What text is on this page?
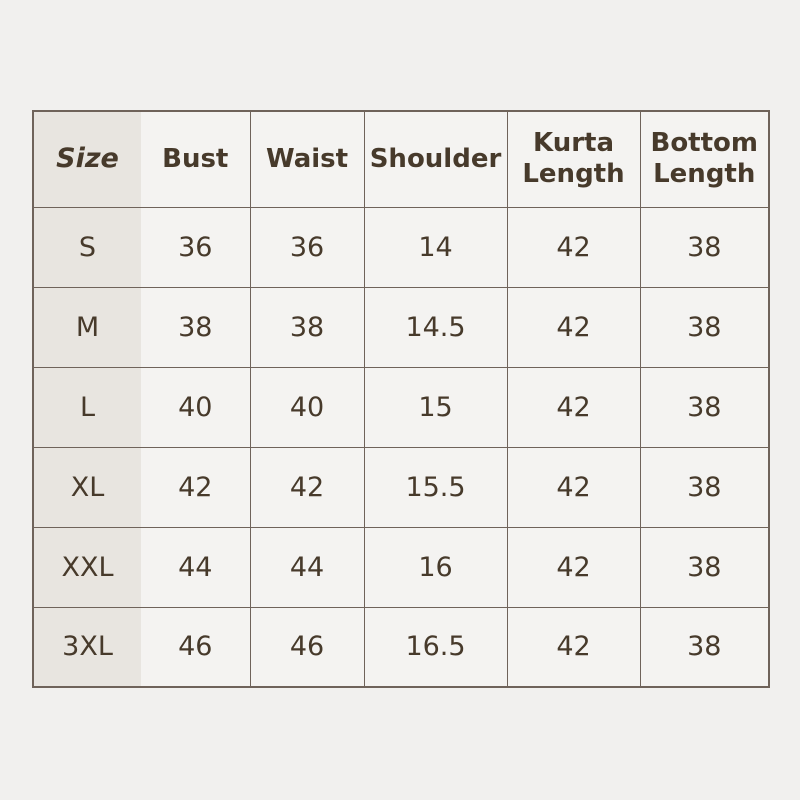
Size	Bust	Waist	Shoulder	Kurta Length	Bottom Length
S	36	36	14	42	38
M	38	38	14.5	42	38
L	40	40	15	42	38
XL	42	42	15.5	42	38
XXL	44	44	16	42	38
3XL	46	46	16.5	42	38
